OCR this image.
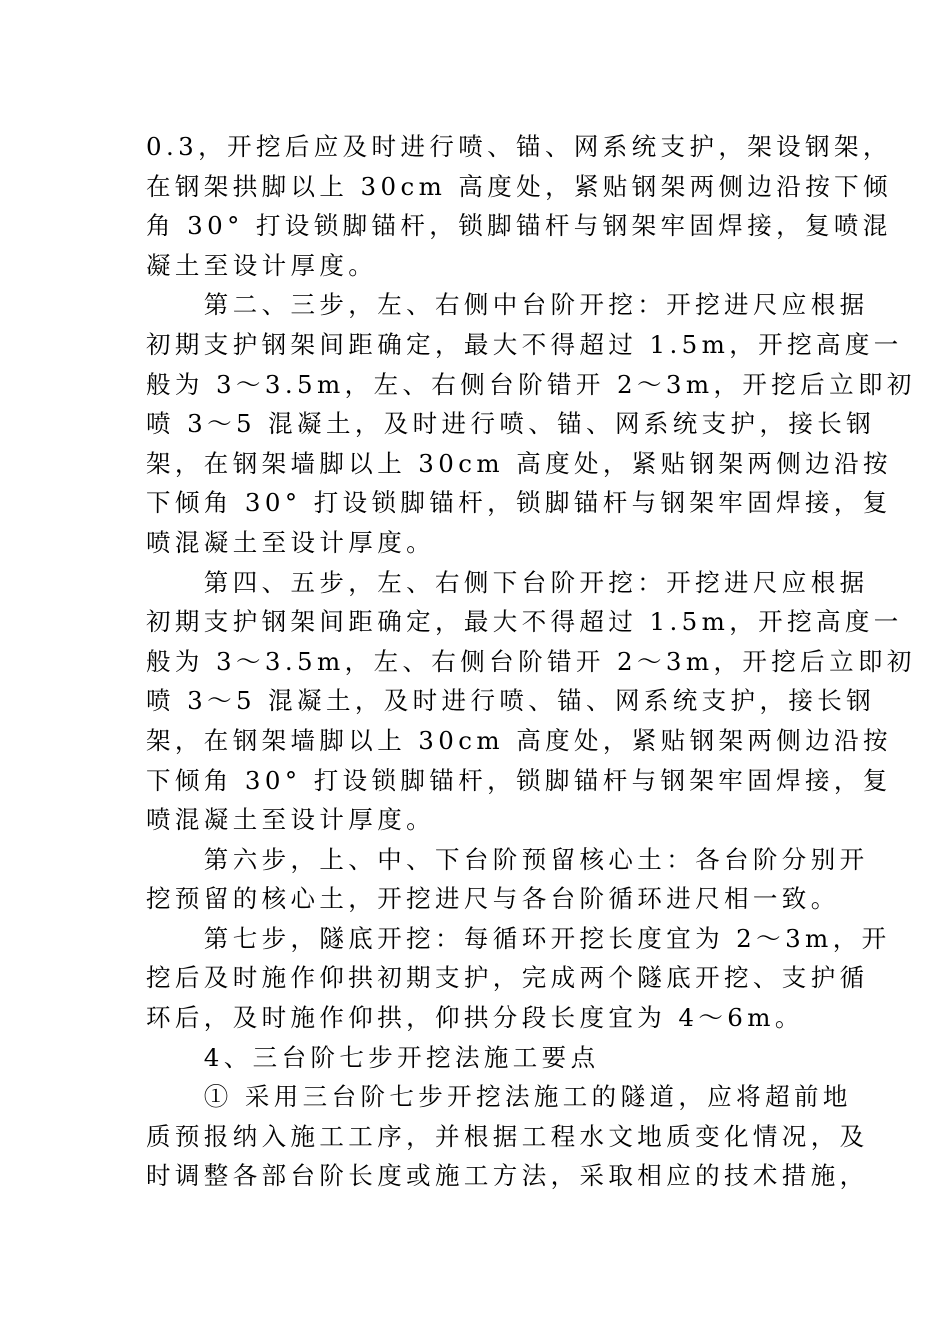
0.3，开挖后应及时进行喷、锚、网系统支护，架设钢架，
在钢架拱脚以上 30cm 高度处，紧贴钢架两侧边沿按下倾
角 30° 打设锁脚锚杆，锁脚锚杆与钢架牢固焊接，复喷混
凝土至设计厚度。
　　第二、三步，左、右侧中台阶开挖：开挖进尺应根据
初期支护钢架间距确定，最大不得超过 1.5m，开挖高度一
般为 3～3.5m，左、右侧台阶错开 2～3m，开挖后立即初
喷 3～5 混凝土，及时进行喷、锚、网系统支护，接长钢
架，在钢架墙脚以上 30cm 高度处，紧贴钢架两侧边沿按
下倾角 30° 打设锁脚锚杆，锁脚锚杆与钢架牢固焊接，复
喷混凝土至设计厚度。
　　第四、五步，左、右侧下台阶开挖：开挖进尺应根据
初期支护钢架间距确定，最大不得超过 1.5m，开挖高度一
般为 3～3.5m，左、右侧台阶错开 2～3m，开挖后立即初
喷 3～5 混凝土，及时进行喷、锚、网系统支护，接长钢
架，在钢架墙脚以上 30cm 高度处，紧贴钢架两侧边沿按
下倾角 30° 打设锁脚锚杆，锁脚锚杆与钢架牢固焊接，复
喷混凝土至设计厚度。
　　第六步，上、中、下台阶预留核心土：各台阶分别开
挖预留的核心土，开挖进尺与各台阶循环进尺相一致。
　　第七步，隧底开挖：每循环开挖长度宜为 2～3m，开
挖后及时施作仰拱初期支护，完成两个隧底开挖、支护循
环后，及时施作仰拱，仰拱分段长度宜为 4～6m。
　　4、三台阶七步开挖法施工要点
　　① 采用三台阶七步开挖法施工的隧道，应将超前地
质预报纳入施工工序，并根据工程水文地质变化情况，及
时调整各部台阶长度或施工方法，采取相应的技术措施，
